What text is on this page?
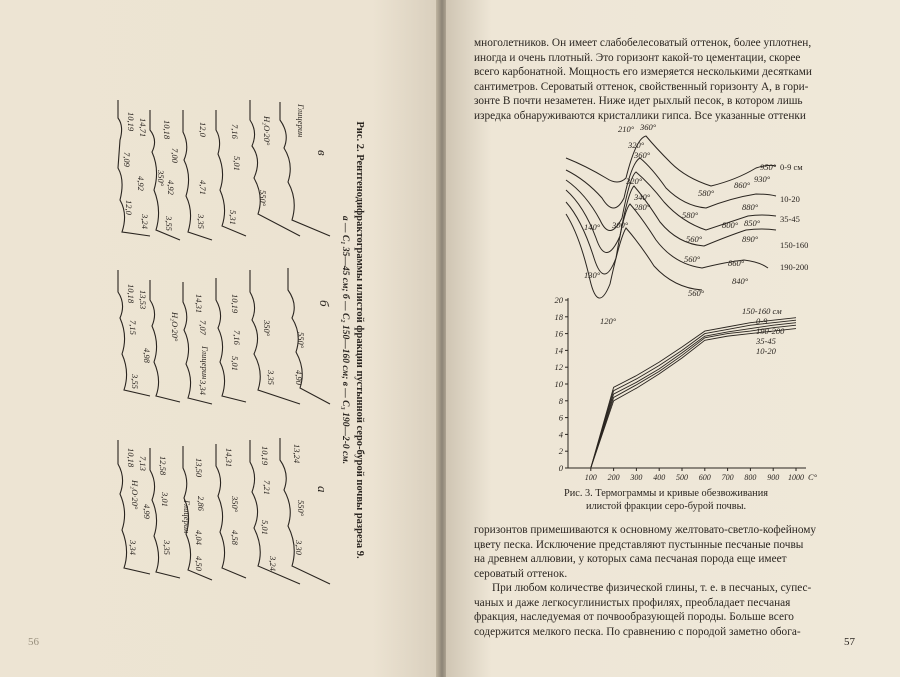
10,19 14,71
7,09
4,92
3,24
10,18
7,00
4,92
3,55
12,0
4,71
3,35
7,16
5,01
5,31
H₂O·20°	Глицерин
550°
350°
12,0
10,18 13,53
7,15
4,98
3,55
H₂O·20°
14,31
7,07
Глицерин
3,34
10,19
7,16
5,01
350°
550°
3,35 4,90
10,18 7,13
H₂O·20°
4,99
3,34
12,58
3,01
3,35
Глицерин
13,50
2,86
4,04
4,50
14,31
350°
4,58
10,19
7,21
5,01
13,24
550°
3,30
3,24
в
б
а Рис. 2. Рентгенодифрактограммы илистой фракции пустынной серо-бурой почвы разреза 9.
а — C₁ 35—45 см; б — C₂ 150—160 см; в — C₃ 190—2-0 см.
56

многолетников. Он имеет слабобелесоватый оттенок, более уплотнен,

иногда и очень плотный. Это горизонт какой-то цементации, скорее

всего карбонатной. Мощность его измеряется несколькими десятками

сантиметров. Сероватый оттенок, свойственный горизонту А, в гори-

зонте В почти незаметен. Ниже идет рыхлый песок, в котором лишь

изредка обнаруживаются кристаллики гипса. Все указанные оттенки

210° 360°
320°
360°
580°
860°
950°
930°
0-9 см
580°
880°
10-20
320°
340°
280°
300°
140°
560°
800° 850°
890°
35-45
150-160
560°	860°
840°
190-200
130°
560°
120°
0
2
4
6
8
10
12
14
16
18
20
100 200 300 400 500 600 700 800 900 1000
150-160 см
0-9
190-200
35-45
10-20
С°
Рис. 3. Термограммы и кривые обезвоживания
илистой фракции серо-бурой почвы.

горизонтов примешиваются к основному желтовато-светло-кофейному

цвету песка. Исключение представляют пустынные песчаные почвы

на древнем аллювии, у которых сама песчаная порода еще имеет

сероватый оттенок.

При любом количестве физической глины, т. е. в песчаных, супес-

чаных и даже легкосуглинистых профилях, преобладает песчаная

фракция, наследуемая от почвообразующей породы. Больше всего

содержится мелкого песка. По сравнению с породой заметно обога-

57
